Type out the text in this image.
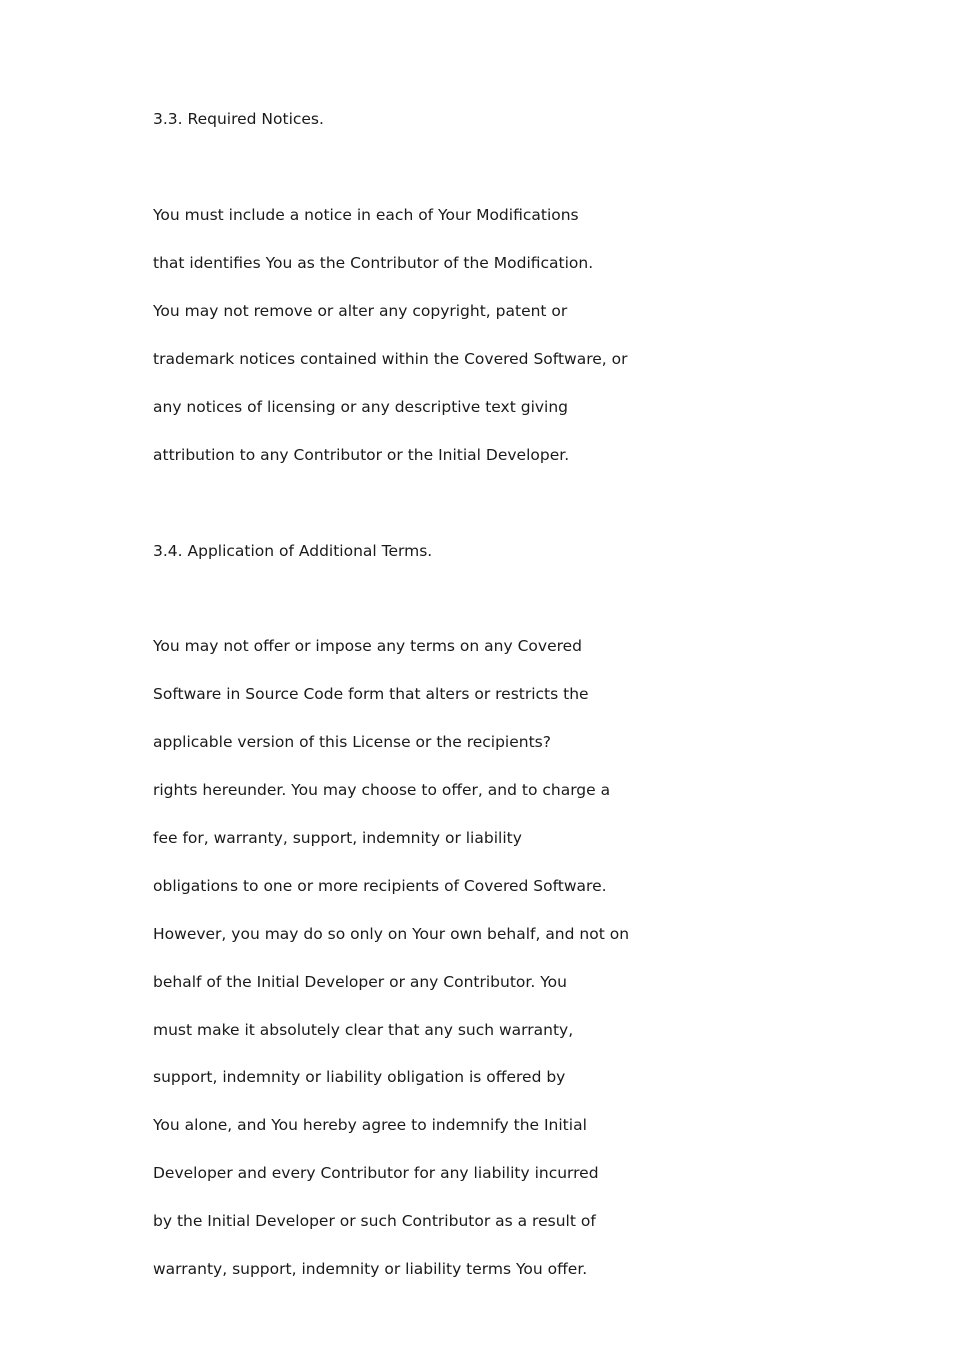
3.3. Required Notices.
You must include a notice in each of Your Modifications
that identifies You as the Contributor of the Modification.
You may not remove or alter any copyright, patent or
trademark notices contained within the Covered Software, or
any notices of licensing or any descriptive text giving
attribution to any Contributor or the Initial Developer.
3.4. Application of Additional Terms.
You may not offer or impose any terms on any Covered
Software in Source Code form that alters or restricts the
applicable version of this License or the recipients?
rights hereunder. You may choose to offer, and to charge a
fee for, warranty, support, indemnity or liability
obligations to one or more recipients of Covered Software.
However, you may do so only on Your own behalf, and not on
behalf of the Initial Developer or any Contributor. You
must make it absolutely clear that any such warranty,
support, indemnity or liability obligation is offered by
You alone, and You hereby agree to indemnify the Initial
Developer and every Contributor for any liability incurred
by the Initial Developer or such Contributor as a result of
warranty, support, indemnity or liability terms You offer.
